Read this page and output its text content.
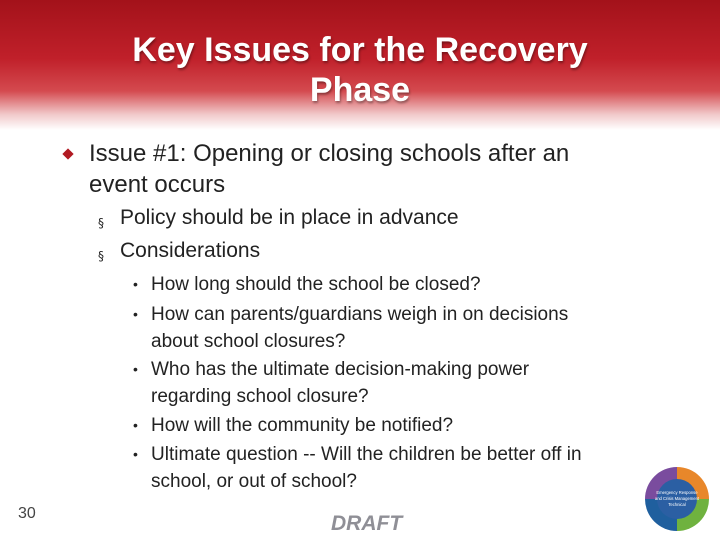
Key Issues for the Recovery
Phase
Issue #1: Opening or closing schools after an
event occurs
§ Policy should be in place in advance
§ Considerations
• How long should the school be closed?
• How can parents/guardians weigh in on decisions
about school closures?
• Who has the ultimate decision-making power
regarding school closure?
• How will the community be notified?
• Ultimate question -- Will the children be better off in
school, or out of school?
30	DRAFT
Emergency Response
and Crisis Management
Technical
